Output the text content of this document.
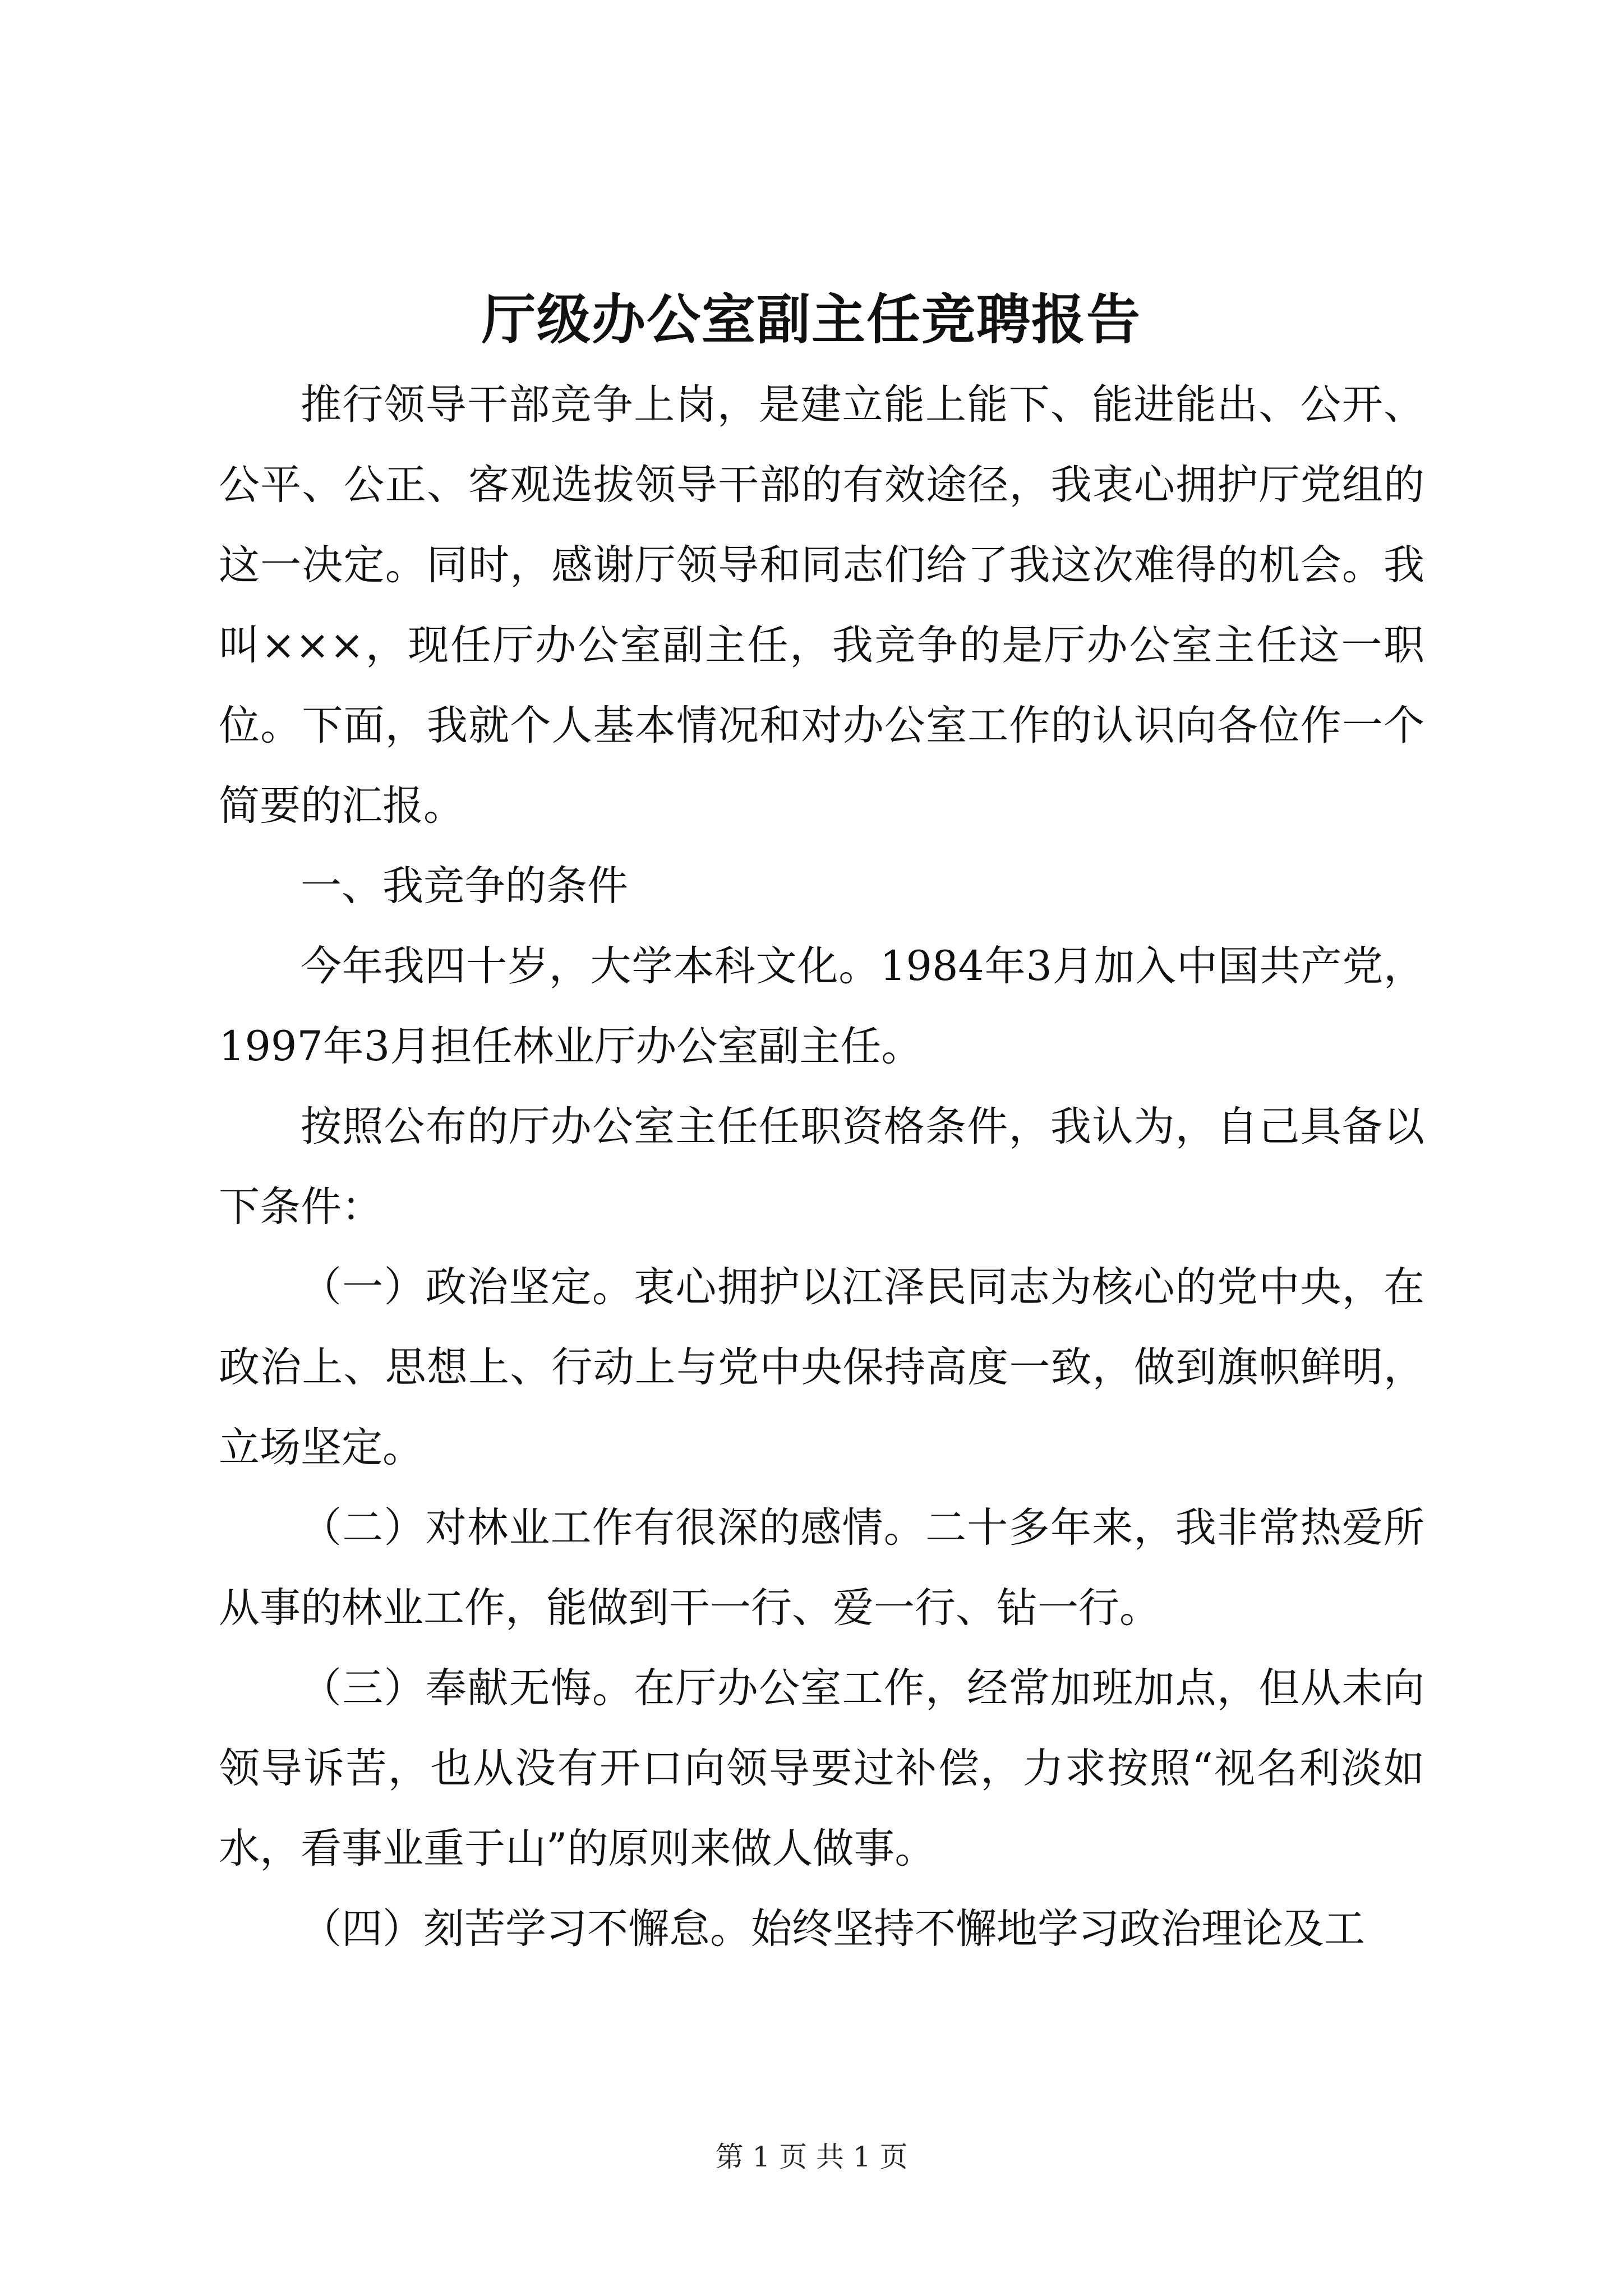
厅级办公室副主任竞聘报告

推行领导干部竞争上岗，是建立能上能下、能进能出、公开、公平、公正、客观选拔领导干部的有效途径，我衷心拥护厅党组的这一决定。同时，感谢厅领导和同志们给了我这次难得的机会。我叫×××，现任厅办公室副主任，我竞争的是厅办公室主任这一职位。下面，我就个人基本情况和对办公室工作的认识向各位作一个简要的汇报。

一、我竞争的条件

今年我四十岁，大学本科文化。1984年3月加入中国共产党，1997年3月担任林业厅办公室副主任。

按照公布的厅办公室主任任职资格条件，我认为，自己具备以下条件：

（一）政治坚定。衷心拥护以江泽民同志为核心的党中央，在政治上、思想上、行动上与党中央保持高度一致，做到旗帜鲜明，立场坚定。

（二）对林业工作有很深的感情。二十多年来，我非常热爱所从事的林业工作，能做到干一行、爱一行、钻一行。

（三）奉献无悔。在厅办公室工作，经常加班加点，但从未向领导诉苦，也从没有开口向领导要过补偿，力求按照“视名利淡如水，看事业重于山”的原则来做人做事。

（四）刻苦学习不懈怠。始终坚持不懈地学习政治理论及工

第 1 页 共 1 页
